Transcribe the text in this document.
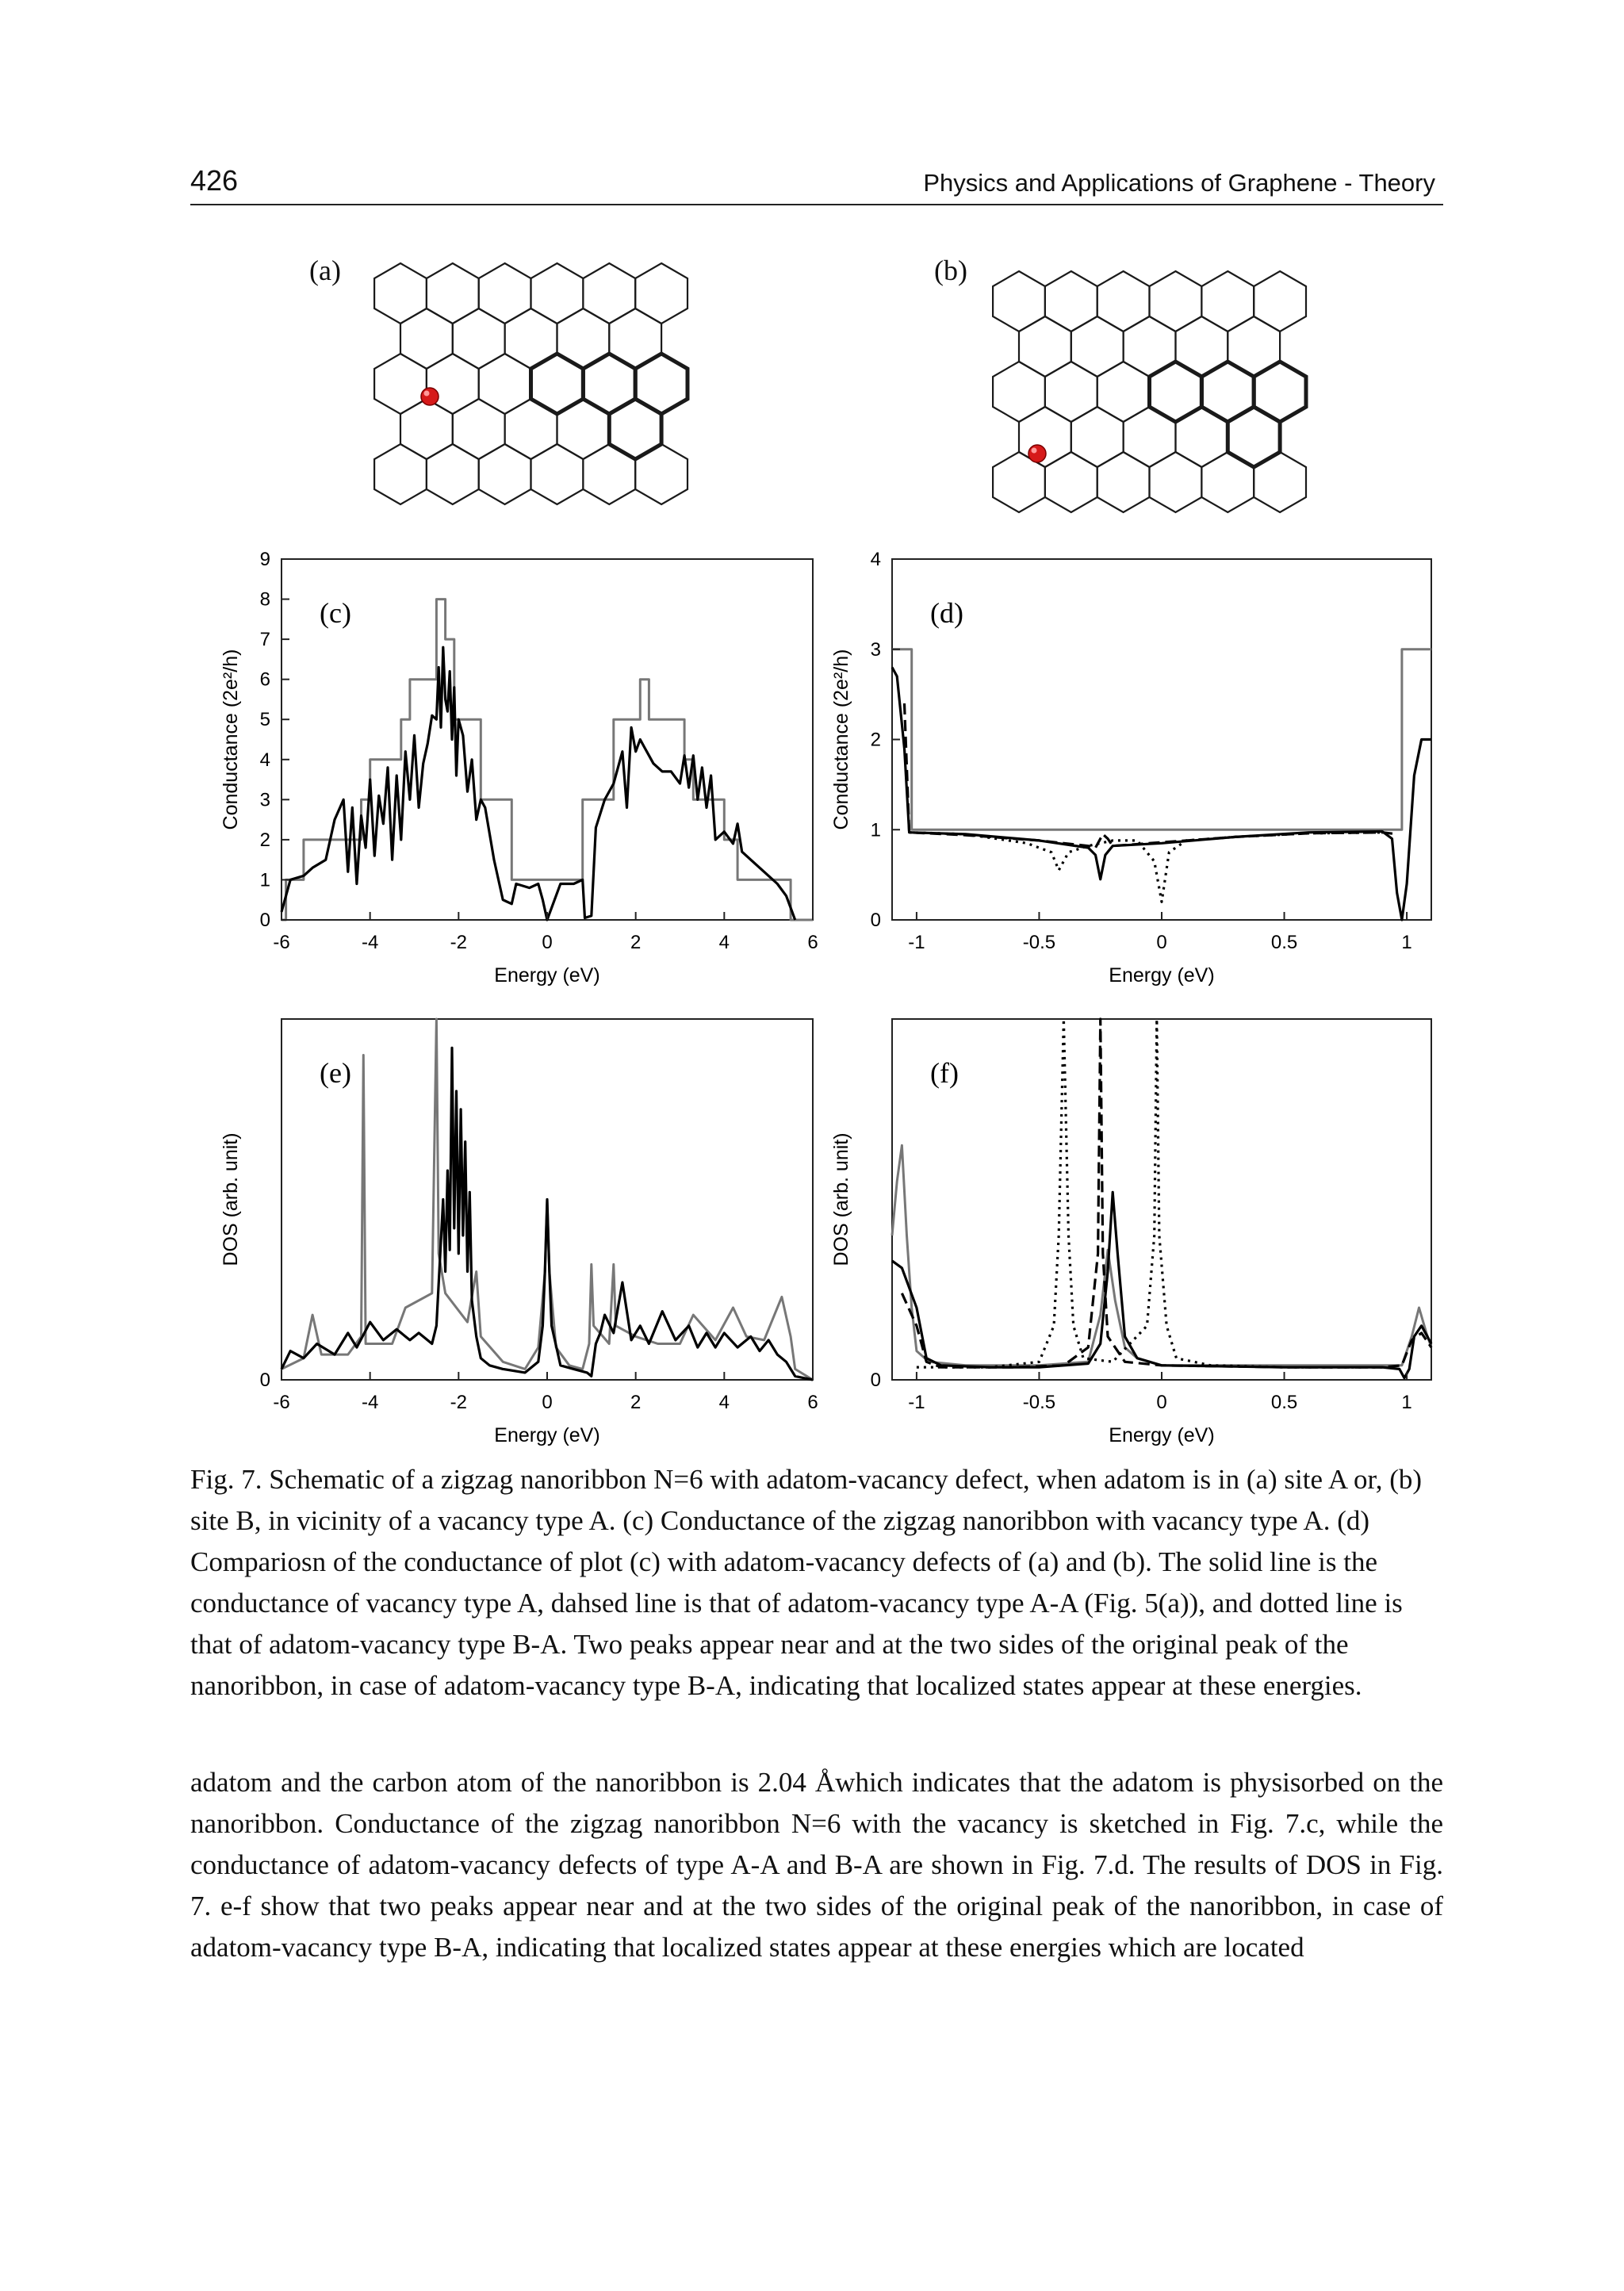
426	Physics and Applications of Graphene - Theory
(a)	(b)
-6	-4	-2	0	2	4	6
0
1
2
3
4
5
6
7
8
9
Energy (eV)
Conductance (2e²/h)
(c)
-1	-0.5	0	0.5	1
0
1
2
3
4
Energy (eV)
Conductance (2e²/h)
(d)
-6	-4	-2	0	2	4	6
0
Energy (eV)
DOS (arb. unit)
(e)
-1	-0.5	0	0.5	1
0
Energy (eV)
DOS (arb. unit)
(f)

Fig. 7. Schematic of a zigzag nanoribbon N=6 with adatom-vacancy defect, when adatom is in (a) site A or, (b) site B, in vicinity of a vacancy type A. (c) Conductance of the zigzag nanoribbon with vacancy type A. (d) Compariosn of the conductance of plot (c) with adatom-vacancy defects of (a) and (b). The solid line is the conductance of vacancy type A, dahsed line is that of adatom-vacancy type A-A (Fig. 5(a)), and dotted line is that of adatom-vacancy type B-A. Two peaks appear near and at the two sides of the original peak of the nanoribbon, in case of adatom-vacancy type B-A, indicating that localized states appear at these energies.

adatom and the carbon atom of the nanoribbon is 2.04 Åwhich indicates that the adatom is physisorbed on the nanoribbon. Conductance of the zigzag nanoribbon N=6 with the vacancy is sketched in Fig. 7.c, while the conductance of adatom-vacancy defects of type A-A and B-A are shown in Fig. 7.d. The results of DOS in Fig. 7. e-f show that two peaks appear near and at the two sides of the original peak of the nanoribbon, in case of adatom-vacancy type B-A, indicating that localized states appear at these energies which are located
